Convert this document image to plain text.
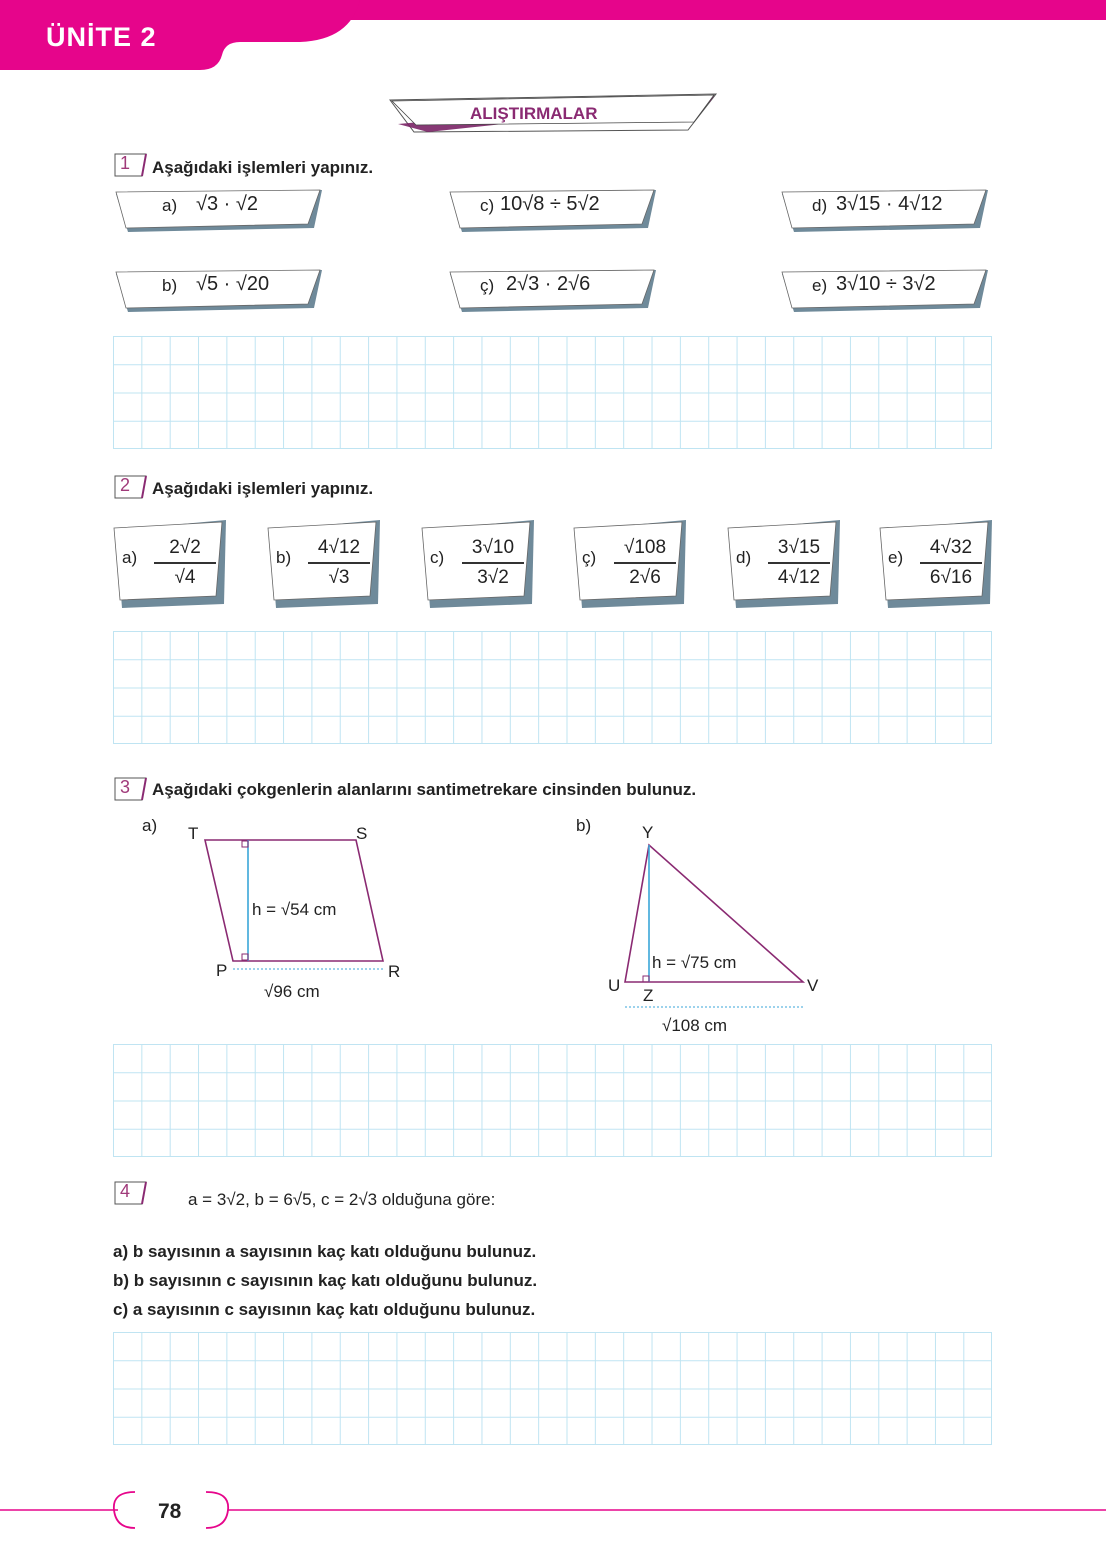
ÜNİTE 2
ALIŞTIRMALAR
1 Aşağıdaki işlemleri yapınız.
a) √3 · √2	c) 10√8 ÷ 5√2	d) 3√15 · 4√12
b) √5 · √20	ç) 2√3 · 2√6	e) 3√10 ÷ 3√2
2 Aşağıdaki işlemleri yapınız.
a)	2√2
√4
b)	4√12
√3
c)	3√10
3√2
ç)	√108
2√6
d)	3√15
4√12
e)	4√32
6√16
3 Aşağıdaki çokgenlerin alanlarını santimetrekare cinsinden bulunuz.
a) T	S
P	R
h = √54 cm
√96 cm
b)	Y
U
Z
V
h = √75 cm
√108 cm
4	a = 3√2, b = 6√5, c = 2√3 olduğuna göre:
a) b sayısının a sayısının kaç katı olduğunu bulunuz.
b) b sayısının c sayısının kaç katı olduğunu bulunuz.
c) a sayısının c sayısının kaç katı olduğunu bulunuz.
78
